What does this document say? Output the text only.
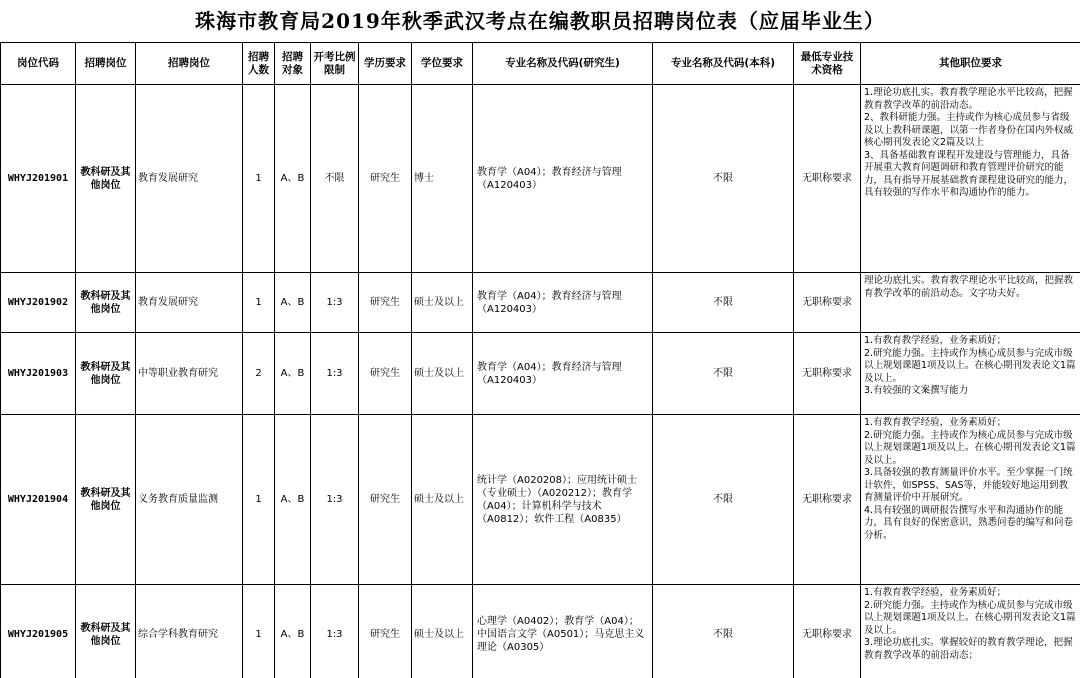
珠海市教育局2019年秋季武汉考点在编教职员招聘岗位表（应届毕业生）
岗位代码	招聘岗位	招聘岗位	招聘人数	招聘对象	开考比例限制	学历要求	学位要求	专业名称及代码(研究生)	专业名称及代码(本科)	最低专业技术资格	其他职位要求
WHYJ201901	教科研及其他岗位	教育发展研究	1	A、B	不限	研究生	博士	教育学（A04）；教育经济与管理（A120403）	不限	无职称要求	1.理论功底扎实。教育教学理论水平比较高，把握教育教学改革的前沿动态。
2、教科研能力强。主持或作为核心成员参与省级及以上教科研课题，以第一作者身份在国内外权威核心期刊发表论文2篇及以上
3、具备基础教育课程开发建设与管理能力，具备开展重大教育问题调研和教育管理评价研究的能力，具有指导开展基础教育课程建设研究的能力，具有较强的写作水平和沟通协作的能力。

WHYJ201902	教科研及其他岗位	教育发展研究	1	A、B	1:3	研究生	硕士及以上	教育学（A04）；教育经济与管理（A120403）	不限	无职称要求	理论功底扎实。教育教学理论水平比较高，把握教育教学改革的前沿动态。文字功夫好。

WHYJ201903	教科研及其他岗位	中等职业教育研究	2	A、B	1:3	研究生	硕士及以上	教育学（A04）；教育经济与管理（A120403）	不限	无职称要求	1.有教育教学经验，业务素质好；
2.研究能力强。主持或作为核心成员参与完成市级以上规划课题1项及以上。在核心期刊发表论文1篇及以上。
3.有较强的文案撰写能力

WHYJ201904	教科研及其他岗位	义务教育质量监测	1	A、B	1:3	研究生	硕士及以上	统计学（A020208）；应用统计硕士（专业硕士）（A020212）；教育学（A04）；计算机科学与技术（A0812）；软件工程（A0835）	不限	无职称要求	1.有教育教学经验，业务素质好；
2.研究能力强。主持或作为核心成员参与完成市级以上规划课题1项及以上。在核心期刊发表论文1篇及以上。
3.具备较强的教育测量评价水平。至少掌握一门统计软件，如SPSS、SAS等，并能较好地运用到教育测量评价中开展研究。
4.具有较强的调研报告撰写水平和沟通协作的能力，具有良好的保密意识，熟悉问卷的编写和问卷分析。

WHYJ201905	教科研及其他岗位	综合学科教育研究	1	A、B	1:3	研究生	硕士及以上	心理学（A0402）；教育学（A04）；中国语言文学（A0501）；马克思主义理论（A0305）	不限	无职称要求	1.有教育教学经验，业务素质好；
2.研究能力强。主持或作为核心成员参与完成市级以上规划课题1项及以上。在核心期刊发表论文1篇及以上。
3.理论功底扎实。掌握较好的教育教学理论，把握教育教学改革的前沿动态；
